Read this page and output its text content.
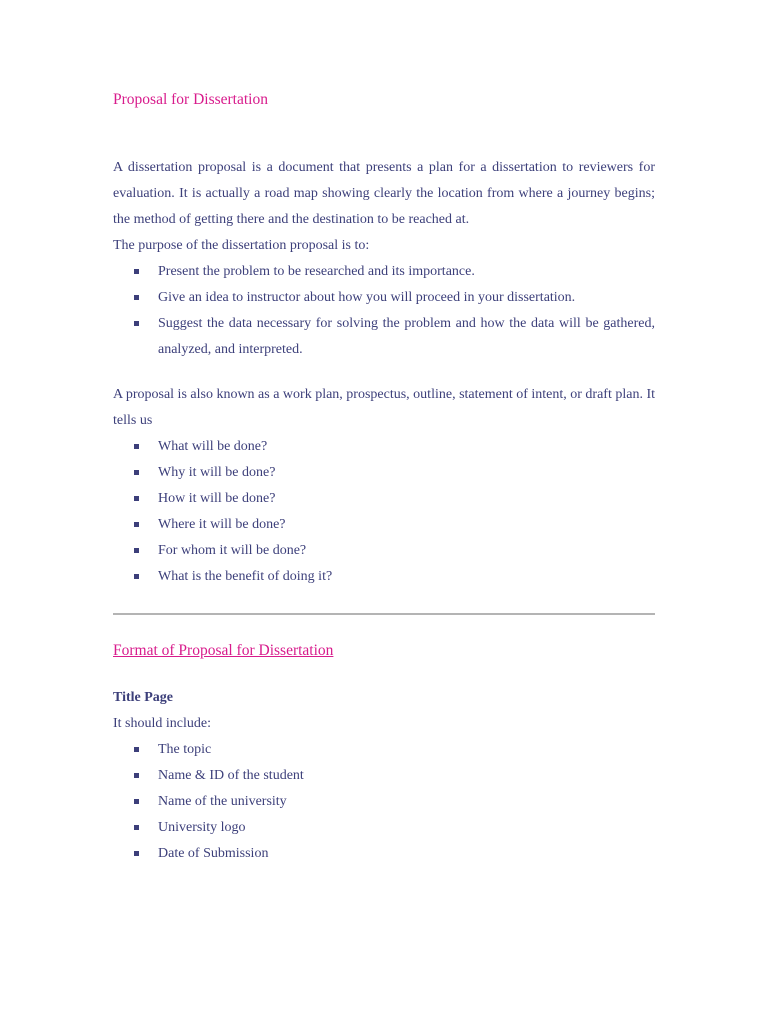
Proposal for Dissertation

A dissertation proposal is a document that presents a plan for a dissertation to reviewers for evaluation. It is actually a road map showing clearly the location from where a journey begins; the method of getting there and the destination to be reached at.

The purpose of the dissertation proposal is to:

Present the problem to be researched and its importance.
Give an idea to instructor about how you will proceed in your dissertation.
Suggest the data necessary for solving the problem and how the data will be gathered, analyzed, and interpreted.

A proposal is also known as a work plan, prospectus, outline, statement of intent, or draft plan. It tells us

What will be done?
Why it will be done?
How it will be done?
Where it will be done?
For whom it will be done?
What is the benefit of doing it?
Format of Proposal for Dissertation

Title Page

It should include:

The topic
Name & ID of the student
Name of the university
University logo
Date of Submission
